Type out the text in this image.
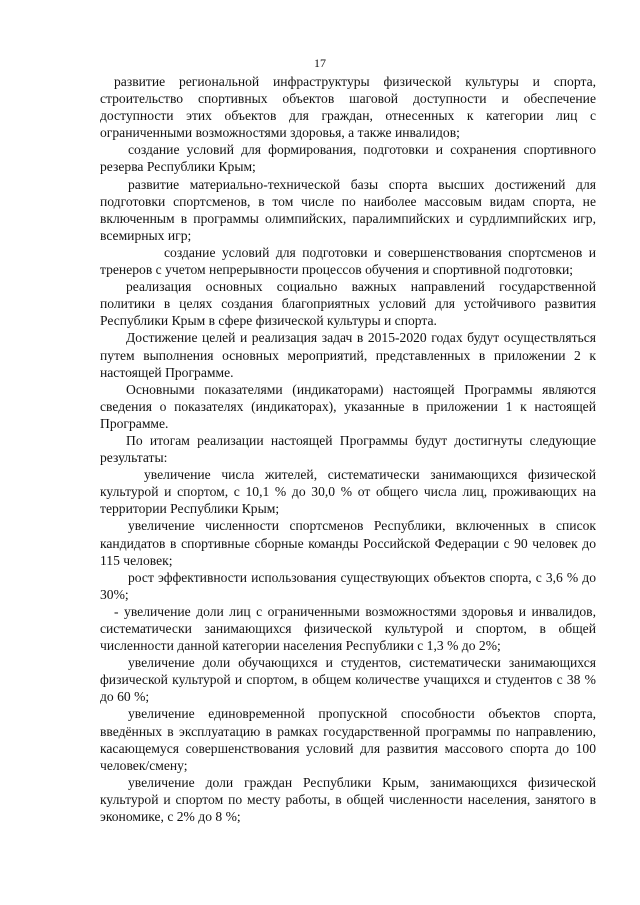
17

развитие региональной инфраструктуры физической культуры и спорта, строительство спортивных объектов шаговой доступности и обеспечение доступности этих объектов для граждан, отнесенных к категории лиц с ограниченными возможностями здоровья, а также инвалидов;

создание условий для формирования, подготовки и сохранения спортивного резерва Республики Крым;

развитие материально-технической базы спорта высших достижений для подготовки спортсменов, в том числе по наиболее массовым видам спорта, не включенным в программы олимпийских, паралимпийских и сурдлимпийских игр, всемирных игр;

создание условий для подготовки и совершенствования спортсменов и тренеров с учетом непрерывности процессов обучения и спортивной подготовки;

реализация основных социально важных направлений государственной политики в целях создания благоприятных условий для устойчивого развития Республики Крым в сфере физической культуры и спорта.

Достижение целей и реализация задач в 2015-2020 годах будут осуществляться путем выполнения основных мероприятий, представленных в приложении 2 к настоящей Программе.

Основными показателями (индикаторами) настоящей Программы являются сведения о показателях (индикаторах), указанные в приложении 1 к настоящей Программе.

По итогам реализации настоящей Программы будут достигнуты следующие результаты:

увеличение числа жителей, систематически занимающихся физической культурой и спортом, с 10,1 % до 30,0 % от общего числа лиц, проживающих на территории Республики Крым;

увеличение численности спортсменов Республики, включенных в список кандидатов в спортивные сборные команды Российской Федерации с 90 человек до 115 человек;

рост эффективности использования существующих объектов спорта, с 3,6 % до 30%;

- увеличение доли лиц с ограниченными возможностями здоровья и инвалидов, систематически занимающихся физической культурой и спортом, в общей численности данной категории населения Республики с 1,3 % до 2%;

увеличение доли обучающихся и студентов, систематически занимающихся физической культурой и спортом, в общем количестве учащихся и студентов с 38 % до 60 %;

увеличение единовременной пропускной способности объектов спорта, введённых в эксплуатацию в рамках государственной программы по направлению, касающемуся совершенствования условий для развития массового спорта до 100 человек/смену;

увеличение доли граждан Республики Крым, занимающихся физической культурой и спортом по месту работы, в общей численности населения, занятого в экономике, с 2% до 8 %;
